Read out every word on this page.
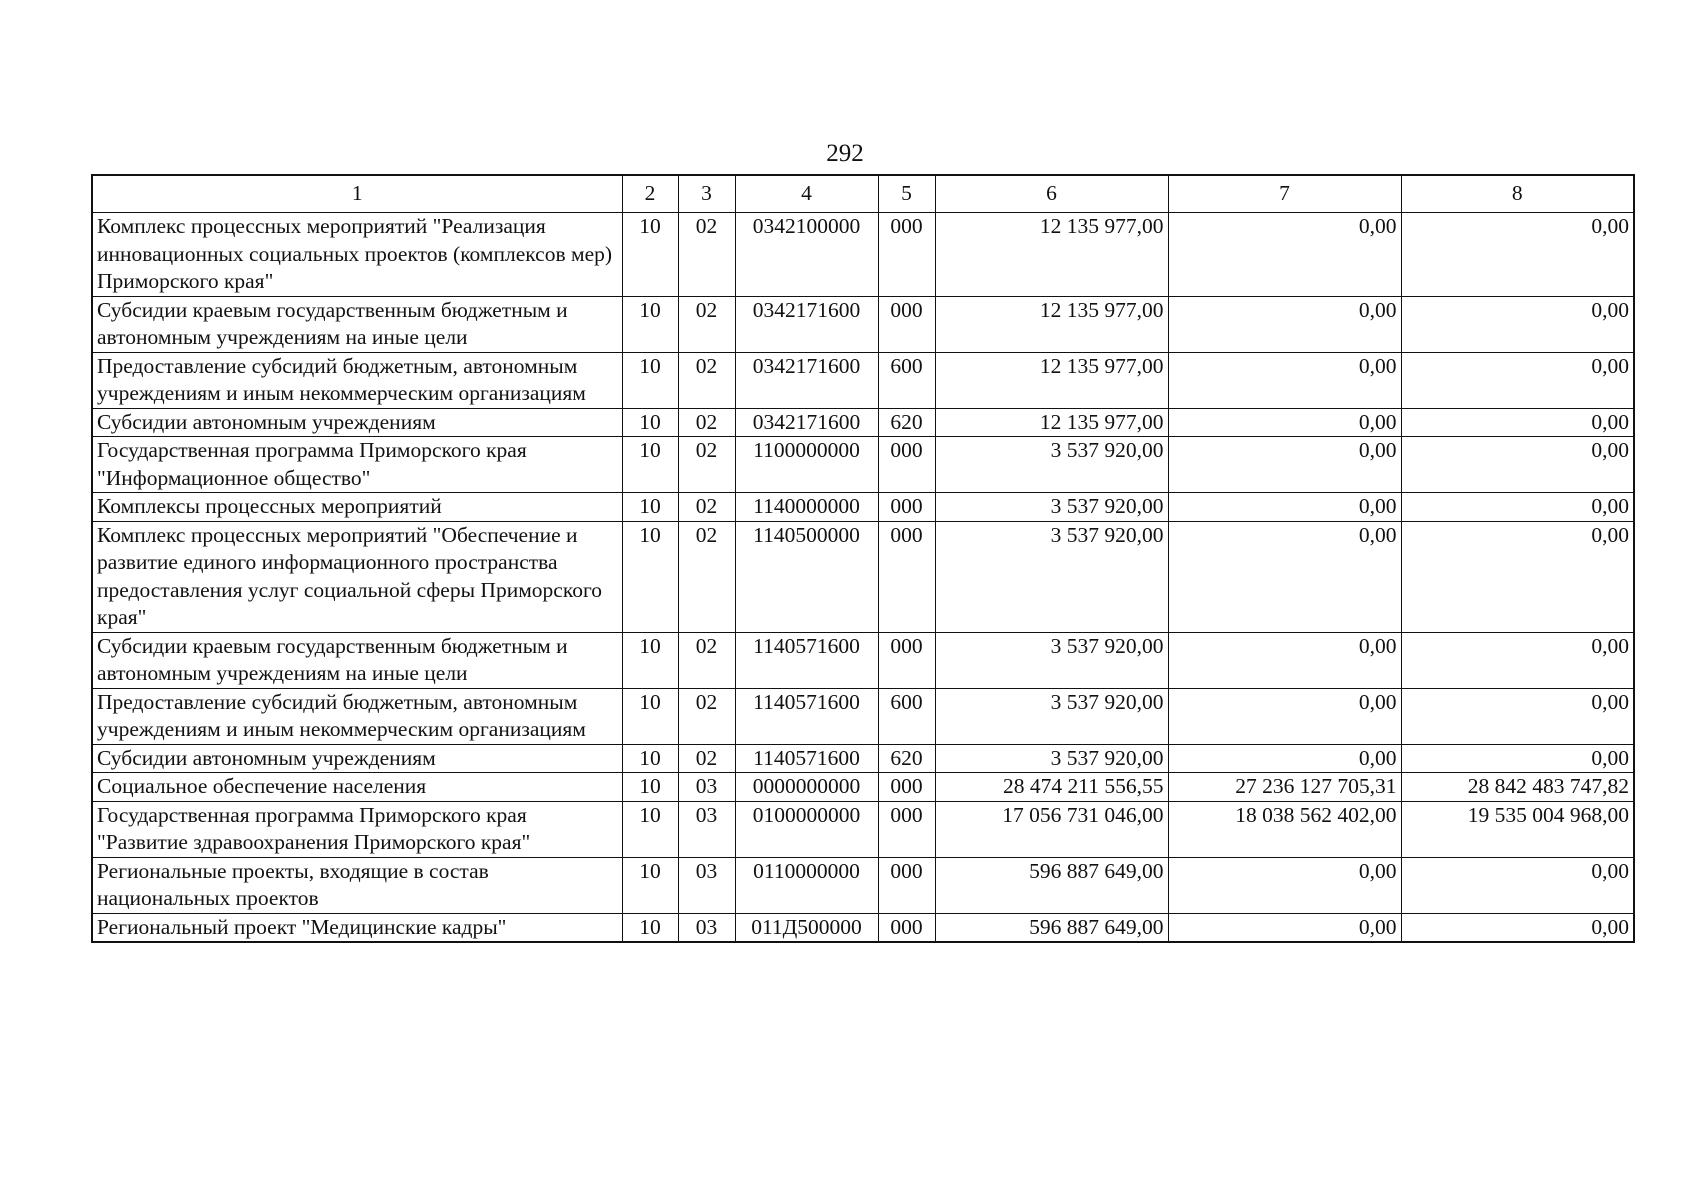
292
1	2	3	4	5	6	7	8
Комплекс процессных мероприятий "Реализация инновационных социальных проектов (комплексов мер) Приморского края"	10	02	0342100000	000	12 135 977,00	0,00	0,00
Субсидии краевым государственным бюджетным и автономным учреждениям на иные цели	10	02	0342171600	000	12 135 977,00	0,00	0,00
Предоставление субсидий бюджетным, автономным учреждениям и иным некоммерческим организациям	10	02	0342171600	600	12 135 977,00	0,00	0,00
Субсидии автономным учреждениям	10	02	0342171600	620	12 135 977,00	0,00	0,00
Государственная программа Приморского края "Информационное общество"	10	02	1100000000	000	3 537 920,00	0,00	0,00
Комплексы процессных мероприятий	10	02	1140000000	000	3 537 920,00	0,00	0,00
Комплекс процессных мероприятий "Обеспечение и развитие единого информационного пространства предоставления услуг социальной сферы Приморского края"	10	02	1140500000	000	3 537 920,00	0,00	0,00
Субсидии краевым государственным бюджетным и автономным учреждениям на иные цели	10	02	1140571600	000	3 537 920,00	0,00	0,00
Предоставление субсидий бюджетным, автономным учреждениям и иным некоммерческим организациям	10	02	1140571600	600	3 537 920,00	0,00	0,00
Субсидии автономным учреждениям	10	02	1140571600	620	3 537 920,00	0,00	0,00
Социальное обеспечение населения	10	03	0000000000	000	28 474 211 556,55	27 236 127 705,31	28 842 483 747,82
Государственная программа Приморского края "Развитие здравоохранения Приморского края"	10	03	0100000000	000	17 056 731 046,00	18 038 562 402,00	19 535 004 968,00
Региональные проекты, входящие в состав национальных проектов	10	03	0110000000	000	596 887 649,00	0,00	0,00
Региональный проект "Медицинские кадры"	10	03	011Д500000	000	596 887 649,00	0,00	0,00
